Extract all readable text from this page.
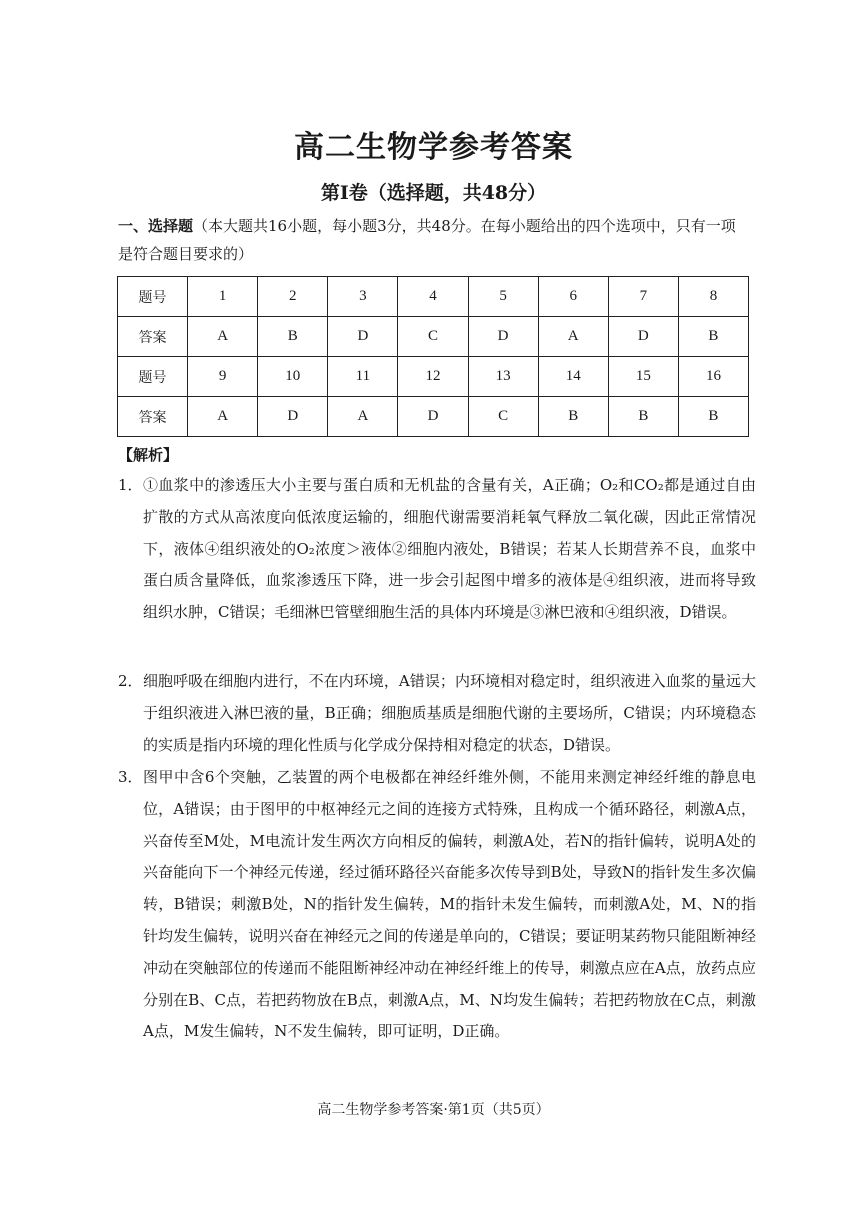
高二生物学参考答案
第Ⅰ卷（选择题，共48分）
一、选择题（本大题共16小题，每小题3分，共48分。在每小题给出的四个选项中，只有一项是符合题目要求的）
题号	1	2	3	4	5	6	7	8
答案	A	B	D	C	D	A	D	B
题号	9	10	11	12	13	14	15	16
答案	A	D	A	D	C	B	B	B
【解析】
1． ①血浆中的渗透压大小主要与蛋白质和无机盐的含量有关，A正确；O₂和CO₂都是通过自由扩散的方式从高浓度向低浓度运输的，细胞代谢需要消耗氧气释放二氧化碳，因此正常情况下，液体④组织液处的O₂浓度＞液体②细胞内液处，B错误；若某人长期营养不良，血浆中蛋白质含量降低，血浆渗透压下降，进一步会引起图中增多的液体是④组织液，进而将导致组织水肿，C错误；毛细淋巴管壁细胞生活的具体内环境是③淋巴液和④组织液，D错误。
2． 细胞呼吸在细胞内进行，不在内环境，A错误；内环境相对稳定时，组织液进入血浆的量远大于组织液进入淋巴液的量，B正确；细胞质基质是细胞代谢的主要场所，C错误；内环境稳态的实质是指内环境的理化性质与化学成分保持相对稳定的状态，D错误。
3． 图甲中含6个突触，乙装置的两个电极都在神经纤维外侧，不能用来测定神经纤维的静息电位，A错误；由于图甲的中枢神经元之间的连接方式特殊，且构成一个循环路径，刺激A点，兴奋传至M处，M电流计发生两次方向相反的偏转，刺激A处，若N的指针偏转，说明A处的兴奋能向下一个神经元传递，经过循环路径兴奋能多次传导到B处，导致N的指针发生多次偏转，B错误；刺激B处，N的指针发生偏转，M的指针未发生偏转，而刺激A处，M、N的指针均发生偏转，说明兴奋在神经元之间的传递是单向的，C错误；要证明某药物只能阻断神经冲动在突触部位的传递而不能阻断神经冲动在神经纤维上的传导，刺激点应在A点，放药点应分别在B、C点，若把药物放在B点，刺激A点，M、N均发生偏转；若把药物放在C点，刺激A点，M发生偏转，N不发生偏转，即可证明，D正确。
高二生物学参考答案·第1页（共5页）
